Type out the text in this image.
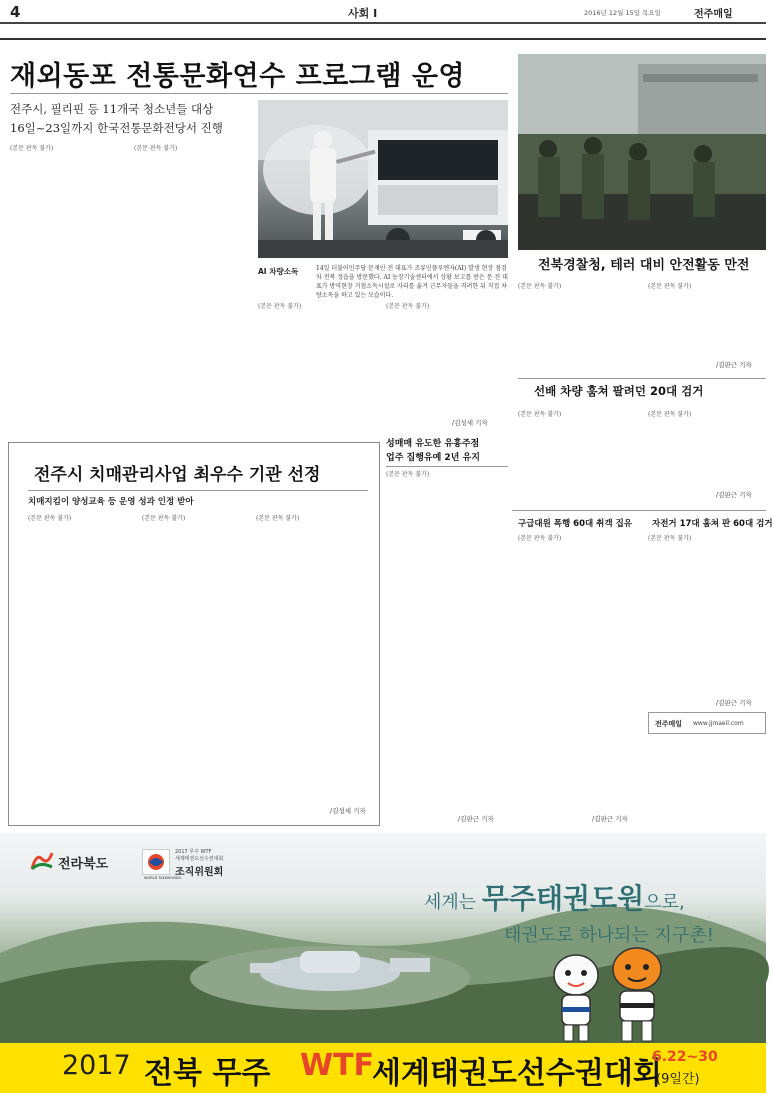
4	사회 I	2016년 12월 15일 목요일	전주매일
재외동포 전통문화연수 프로그램 운영
전주시, 필리핀 등 11개국 청소년들 대상
16일~23일까지 한국전통문화전당서 진행
(본문 판독 불가)	(본문 판독 불가)
AI 차량소독	14일 더불어민주당 문재인 전 대표가 조류인플루엔자(AI) 발생 현장 점검차 전북 정읍을 방문했다. AI 농장기술센터에서 상황 보고를 받은 문 전 대표가 방역현장 거점소독시설로 자리를 옮겨 근무자들을 격려한 뒤 직접 차량소독을 하고 있는 모습이다.
(본문 판독 불가)	(본문 판독 불가)
/김성세 기자
전북경찰청, 테러 대비 안전활동 만전
(본문 판독 불가)	(본문 판독 불가)
/김판근 기자
선배 차량 훔쳐 팔려던 20대 검거
(본문 판독 불가)	(본문 판독 불가)
/김판근 기자
전주시 치매관리사업 최우수 기관 선정
치매지킴이 양성교육 등 운영 성과 인정 받아
(본문 판독 불가)	(본문 판독 불가)	(본문 판독 불가)
/김성세 기자
성매매 유도한 유흥주점
업주 집행유예 2년 유지
(본문 판독 불가)
/김판근 기자
구급대원 폭행 60대 취객 집유
(본문 판독 불가)
/김판근 기자
자전거 17대 훔쳐 판 60대 검거
(본문 판독 불가)
/김판근 기자
전주매일 www.jjmaeil.com
전라북도
WORLD TAEKWONDO
2017 무주 WTF
세계태권도선수권대회
조직위원회
세계는 무주태권도원으로,
태권도로 하나되는 지구촌!
2017 전북 무주 WTF
세계태권도선수권대회
6.22~30
(9일간)
